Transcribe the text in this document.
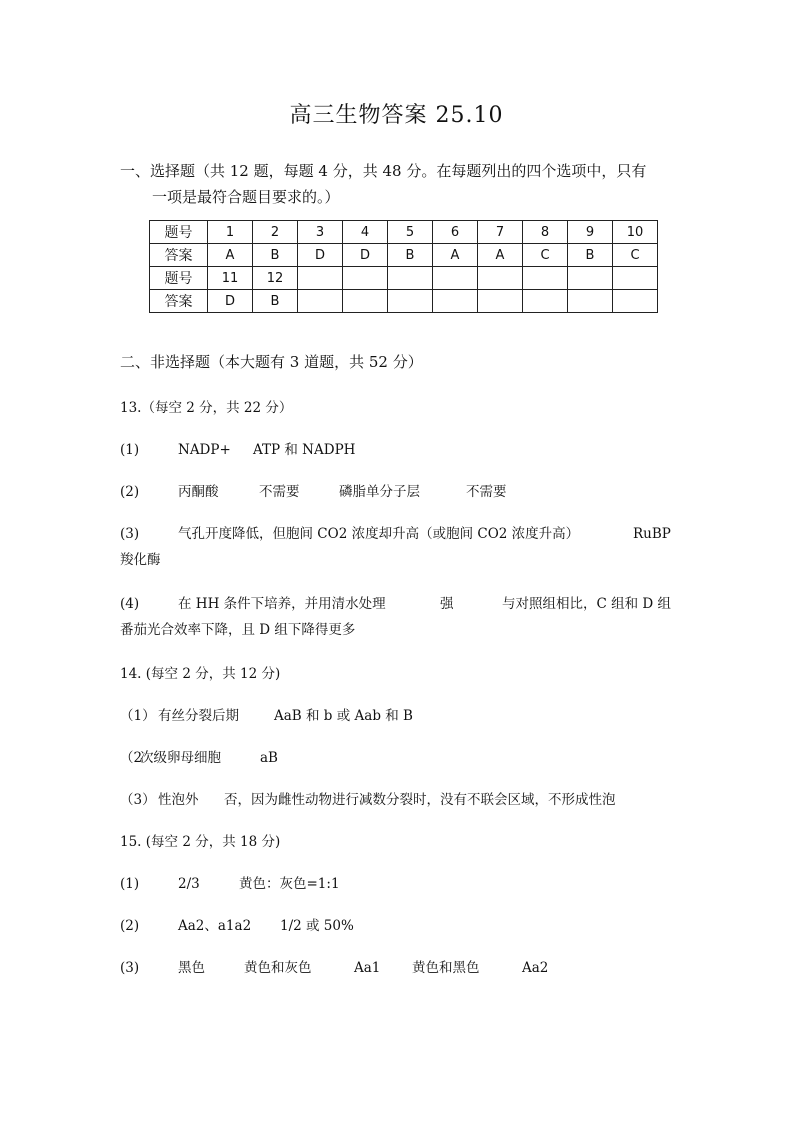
高三生物答案 25.10
一、选择题（共 12 题，每题 4 分，共 48 分。在每题列出的四个选项中，只有
一项是最符合题目要求的。）
题号	1	2	3	4	5	6	7	8	9	10
答案	A	B	D	D	B	A	A	C	B	C
题号	11	12								
答案	D	B								
二、非选择题（本大题有 3 道题，共 52 分）
13.（每空 2 分，共 22 分）
(1)	NADP+ ATP 和 NADPH
(2)	丙酮酸	不需要	磷脂单分子层	不需要
(3)	气孔开度降低，但胞间 CO2 浓度却升高（或胞间 CO2 浓度升高）	RuBP
羧化酶
(4)	在 HH 条件下培养，并用清水处理	强	与对照组相比，C 组和 D 组
番茄光合效率下降，且 D 组下降得更多
14. (每空 2 分，共 12 分)
（1） 有丝分裂后期	AaB 和 b 或 Aab 和 B
（2次级卵母细胞	aB
（3） 性泡外 否，因为雌性动物进行减数分裂时，没有不联会区域，不形成性泡
15. (每空 2 分，共 18 分)
(1)	2/3	黄色：灰色=1:1
(2)	Aa2、a1a2 1/2 或 50%
(3)	黑色	黄色和灰色	Aa1 黄色和黑色	Aa2
